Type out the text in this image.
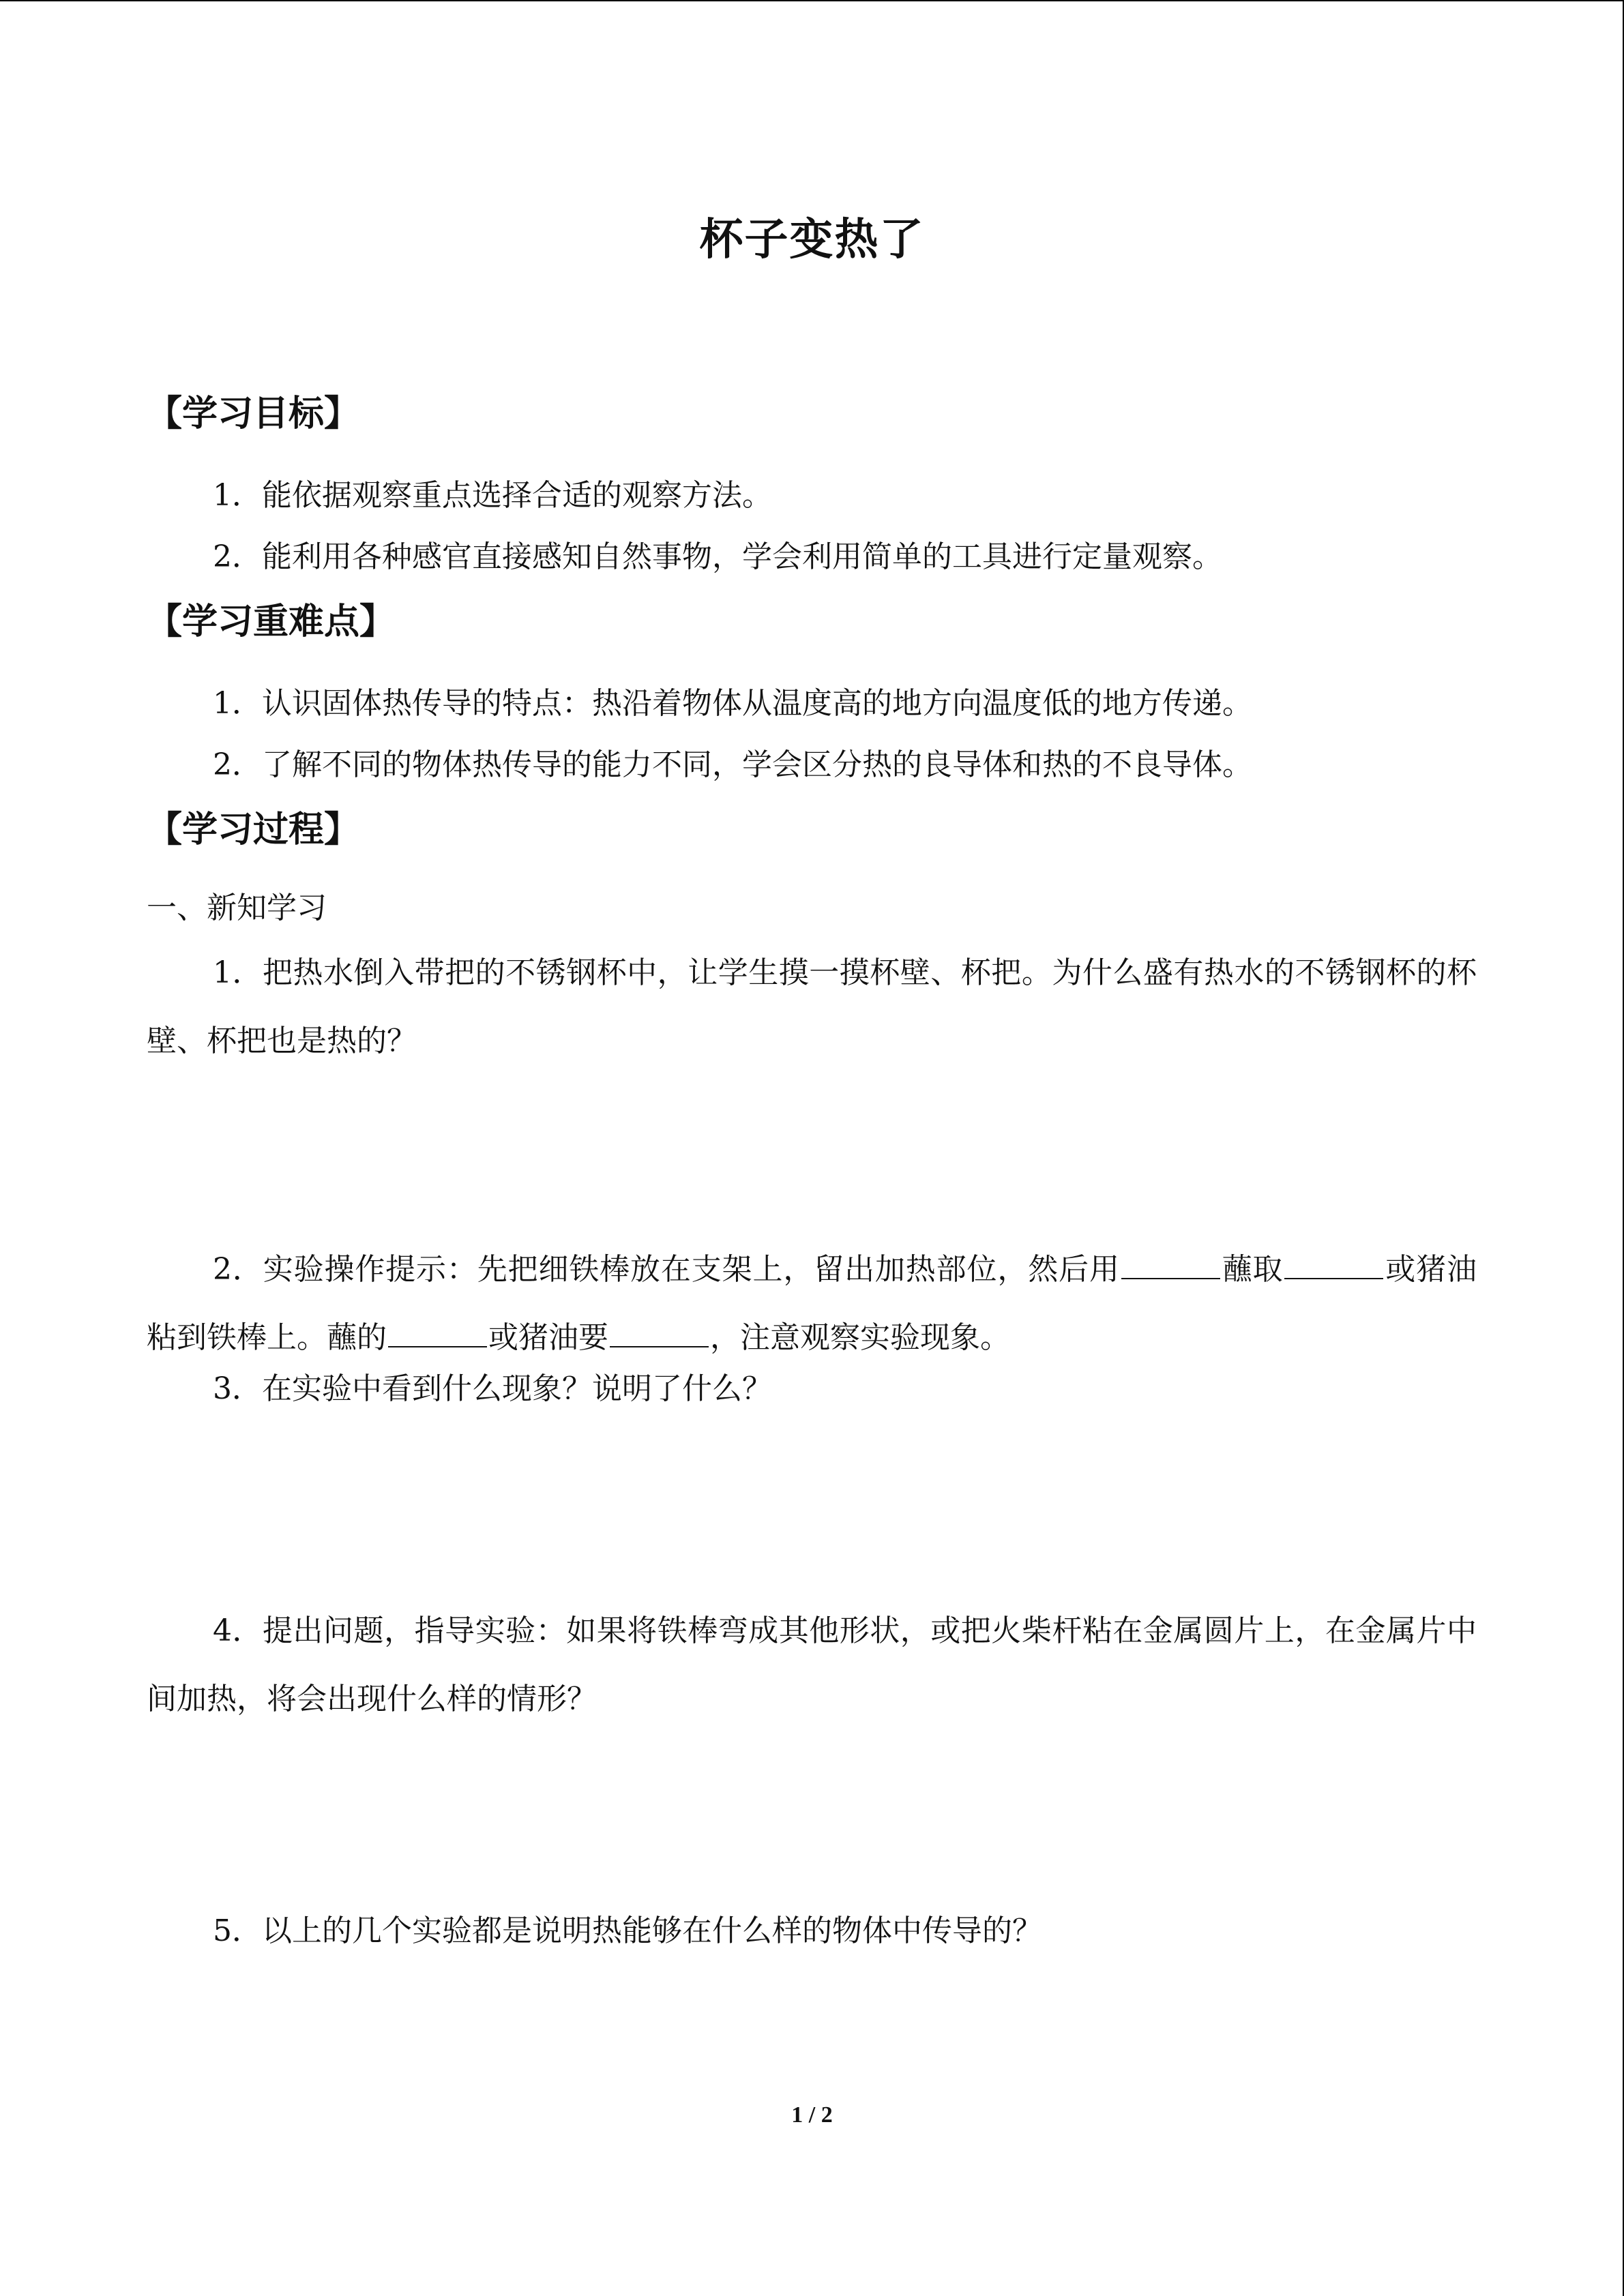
杯子变热了
【学习目标】
1．能依据观察重点选择合适的观察方法。
2．能利用各种感官直接感知自然事物，学会利用简单的工具进行定量观察。
【学习重难点】
1．认识固体热传导的特点：热沿着物体从温度高的地方向温度低的地方传递。
2．了解不同的物体热传导的能力不同，学会区分热的良导体和热的不良导体。
【学习过程】
一、新知学习
1．把热水倒入带把的不锈钢杯中，让学生摸一摸杯壁、杯把。为什么盛有热水的不锈钢杯的杯壁、杯把也是热的？
2．实验操作提示：先把细铁棒放在支架上，留出加热部位，然后用	蘸取	或猪油粘到铁棒上。蘸的	或猪油要	，注意观察实验现象。
3．在实验中看到什么现象？说明了什么？
4．提出问题，指导实验：如果将铁棒弯成其他形状，或把火柴杆粘在金属圆片上，在金属片中间加热，将会出现什么样的情形？
5．以上的几个实验都是说明热能够在什么样的物体中传导的？
1 / 2
